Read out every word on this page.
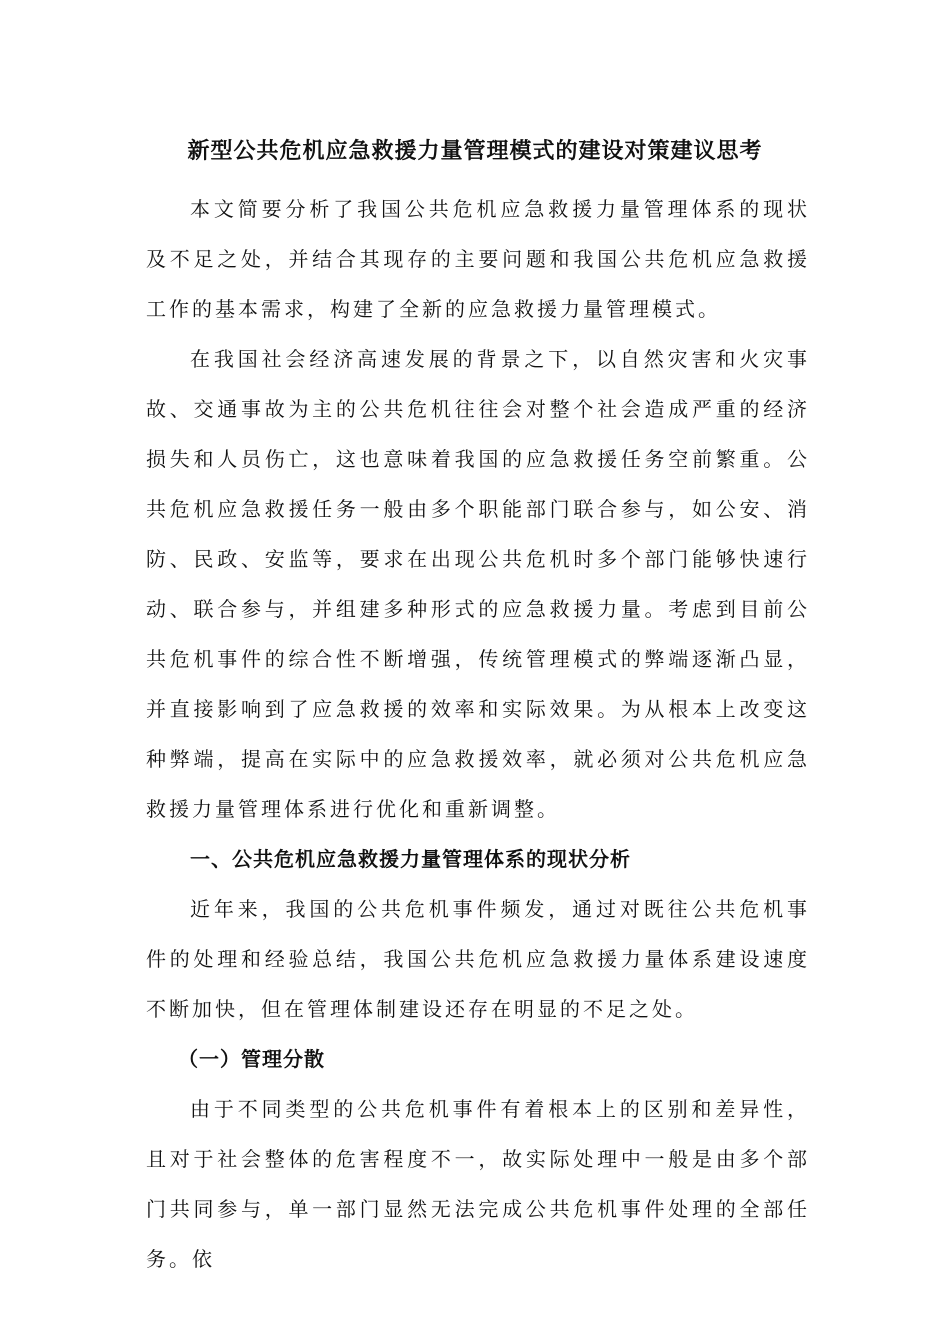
新型公共危机应急救援力量管理模式的建设对策建议思考

本文简要分析了我国公共危机应急救援力量管理体系的现状及不足之处，并结合其现存的主要问题和我国公共危机应急救援工作的基本需求，构建了全新的应急救援力量管理模式。

在我国社会经济高速发展的背景之下，以自然灾害和火灾事故、交通事故为主的公共危机往往会对整个社会造成严重的经济损失和人员伤亡，这也意味着我国的应急救援任务空前繁重。公共危机应急救援任务一般由多个职能部门联合参与，如公安、消防、民政、安监等，要求在出现公共危机时多个部门能够快速行动、联合参与，并组建多种形式的应急救援力量。考虑到目前公共危机事件的综合性不断增强，传统管理模式的弊端逐渐凸显，并直接影响到了应急救援的效率和实际效果。为从根本上改变这种弊端，提高在实际中的应急救援效率，就必须对公共危机应急救援力量管理体系进行优化和重新调整。

一、公共危机应急救援力量管理体系的现状分析

近年来，我国的公共危机事件频发，通过对既往公共危机事件的处理和经验总结，我国公共危机应急救援力量体系建设速度不断加快，但在管理体制建设还存在明显的不足之处。

（一）管理分散

由于不同类型的公共危机事件有着根本上的区别和差异性，且对于社会整体的危害程度不一，故实际处理中一般是由多个部门共同参与，单一部门显然无法完成公共危机事件处理的全部任务。依
